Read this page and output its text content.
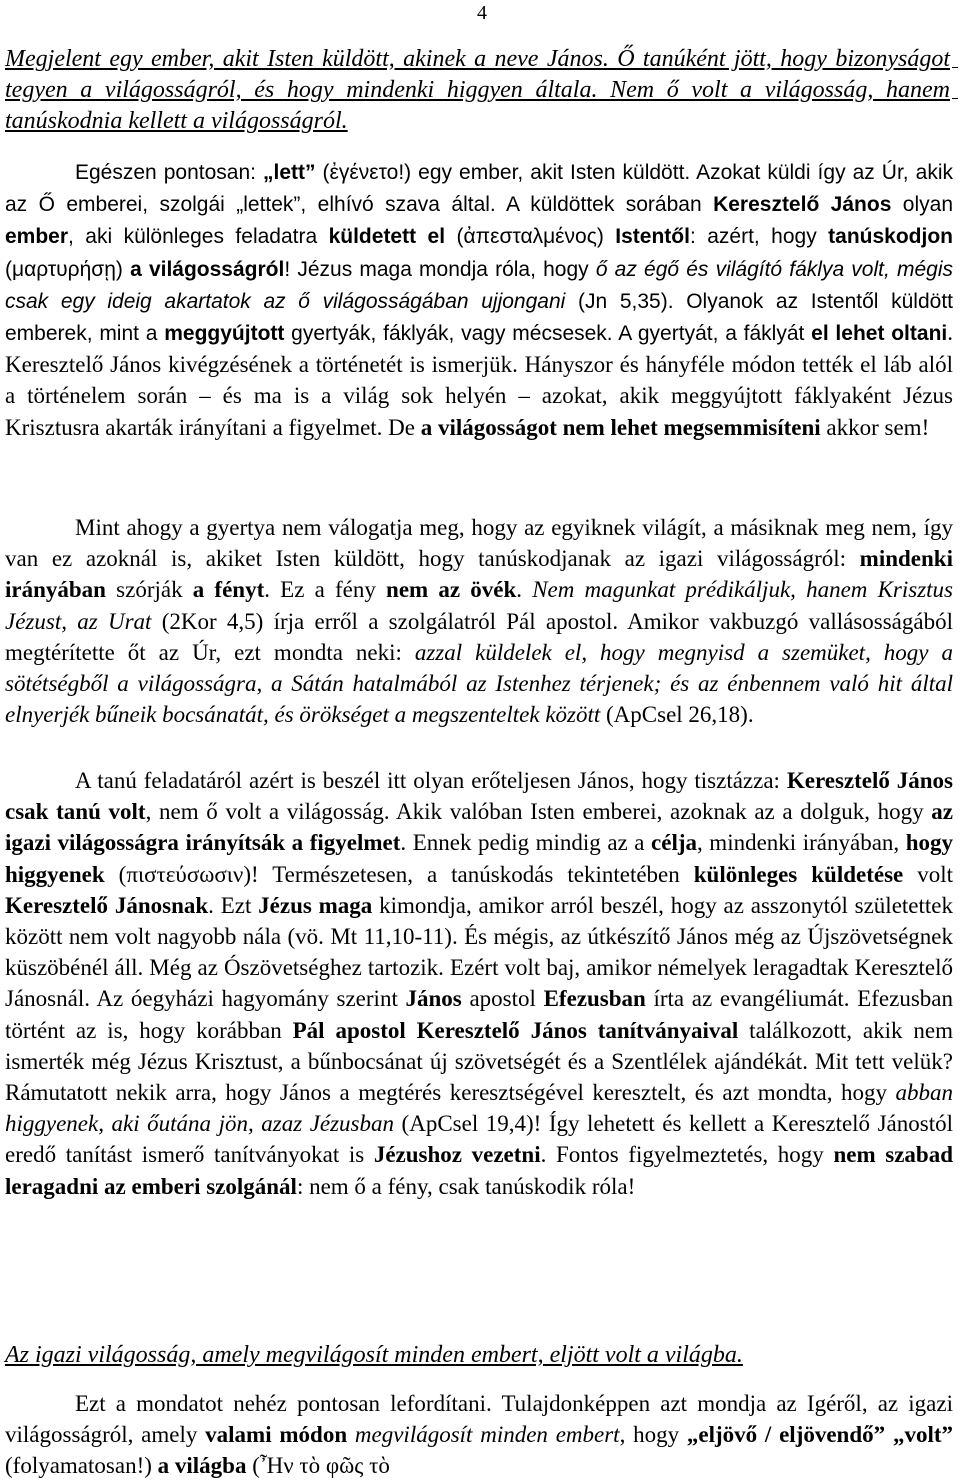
4
Megjelent egy ember, akit Isten küldött, akinek a neve János. Ő tanúként jött, hogy bizonyságot tegyen a világosságról, és hogy mindenki higgyen általa. Nem ő volt a világosság, hanem tanúskodnia kellett a világosságról.

Egészen pontosan: „lett” (ἐγένετο!) egy ember, akit Isten küldött. Azokat küldi így az Úr, akik az Ő emberei, szolgái „lettek”, elhívó szava által. A küldöttek sorában Keresztelő János olyan ember, aki különleges feladatra küldetett el (ἀπεσταλμένος) Istentől: azért, hogy tanúskodjon (μαρτυρήσῃ) a világosságról! Jézus maga mondja róla, hogy ő az égő és világító fáklya volt, mégis csak egy ideig akartatok az ő világosságában ujjongani (Jn 5,35). Olyanok az Istentől küldött emberek, mint a meggyújtott gyertyák, fáklyák, vagy mécsesek. A gyertyát, a fáklyát el lehet oltani. Keresztelő János kivégzésének a történetét is ismerjük. Hányszor és hányféle módon tették el láb alól a történelem során – és ma is a világ sok helyén – azokat, akik meggyújtott fáklyaként Jézus Krisztusra akarták irányítani a figyelmet. De a világosságot nem lehet megsemmisíteni akkor sem!

Mint ahogy a gyertya nem válogatja meg, hogy az egyiknek világít, a másiknak meg nem, így van ez azoknál is, akiket Isten küldött, hogy tanúskodjanak az igazi világosságról: mindenki irányában szórják a fényt. Ez a fény nem az övék. Nem magunkat prédikáljuk, hanem Krisztus Jézust, az Urat (2Kor 4,5) írja erről a szolgálatról Pál apostol. Amikor vakbuzgó vallásosságából megtérítette őt az Úr, ezt mondta neki: azzal küldelek el, hogy megnyisd a szemüket, hogy a sötétségből a világosságra, a Sátán hatalmából az Istenhez térjenek; és az énbennem való hit által elnyerjék bűneik bocsánatát, és örökséget a megszenteltek között (ApCsel 26,18).

A tanú feladatáról azért is beszél itt olyan erőteljesen János, hogy tisztázza: Keresztelő János csak tanú volt, nem ő volt a világosság. Akik valóban Isten emberei, azoknak az a dolguk, hogy az igazi világosságra irányítsák a figyelmet. Ennek pedig mindig az a célja, mindenki irányában, hogy higgyenek (πιστεύσωσιν)! Természetesen, a tanúskodás tekintetében különleges küldetése volt Keresztelő Jánosnak. Ezt Jézus maga kimondja, amikor arról beszél, hogy az asszonytól születettek között nem volt nagyobb nála (vö. Mt 11,10-11). És mégis, az útkészítő János még az Újszövetségnek küszöbénél áll. Még az Ószövetséghez tartozik. Ezért volt baj, amikor némelyek leragadtak Keresztelő Jánosnál. Az óegyházi hagyomány szerint János apostol Efezusban írta az evangéliumát. Efezusban történt az is, hogy korábban Pál apostol Keresztelő János tanítványaival találkozott, akik nem ismerték még Jézus Krisztust, a bűnbocsánat új szövetségét és a Szentlélek ajándékát. Mit tett velük? Rámutatott nekik arra, hogy János a megtérés keresztségével keresztelt, és azt mondta, hogy abban higgyenek, aki őutána jön, azaz Jézusban (ApCsel 19,4)! Így lehetett és kellett a Keresztelő Jánostól eredő tanítást ismerő tanítványokat is Jézushoz vezetni. Fontos figyelmeztetés, hogy nem szabad leragadni az emberi szolgánál: nem ő a fény, csak tanúskodik róla!

Az igazi világosság, amely megvilágosít minden embert, eljött volt a világba.

Ezt a mondatot nehéz pontosan lefordítani. Tulajdonképpen azt mondja az Igéről, az igazi világosságról, amely valami módon megvilágosít minden embert, hogy „eljövő / eljövendő” „volt” (folyamatosan!) a világba (Ἦν τὸ φῶς τὸ
